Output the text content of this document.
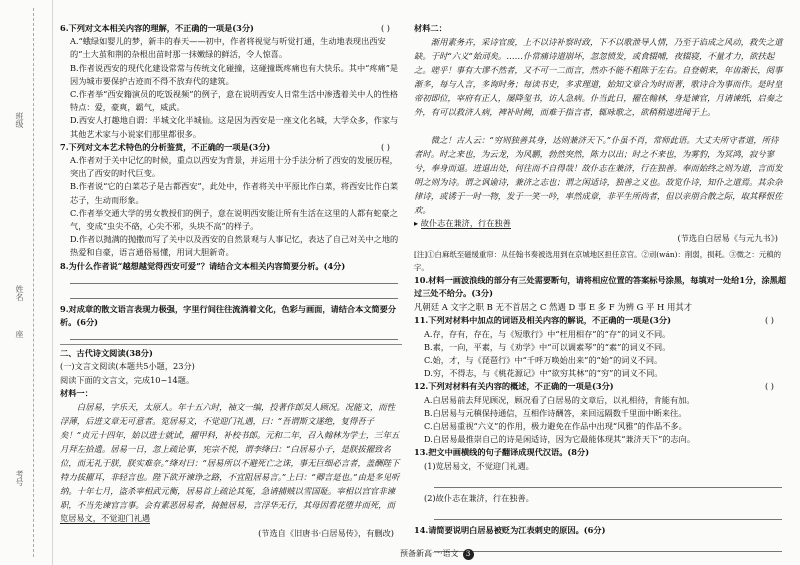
班级
姓名
座
考号

( )
6.下列对文本相关内容的理解，不正确的一项是(3分)

A.“蛾绿如婴儿的梦，新丰的春天——初中，作者将视觉与听觉打通，生动地表现出西安的“土大茧和荆的杂根出苗时那一抹嫩绿的鲜活，令人惊喜。

B.作者说西安的现代化建设常常与传统文化碰撞，这碰撞既疼痛也有大快乐。其中“疼痛”是因为城市要保护古迹而不得不放弃代的建筑。

C.作者举“西安籍演员的吃饭视频”的例子，意在说明西安人日常生活中渗透着关中人的性格特点：爱，豪爽，霸气，威武。

D.西安人打趣地自谓：半城文化半城仙。这是因为西安是一座文化名城，大学众多，作家与其他艺术家与小说家们那里都很多。

( )
7.下列对文本艺术特色的分析鉴赏，不正确的一项是(3分)

A.作者对于关中记忆的时候，重点以西安为背景，并运用十分手法分析了西安的发展历程，突出了西安的时代巨变。

B.作者说“它的白菜芯子是古都西安”，此处中，作者将关中平原比作白菜，将西安比作白菜芯子，生动而形象。

C.作者举交通大学的男女教授们的例子，意在说明西安能让所有生活在这里的人都有蛇豪之气，变成“虫尖不硌，心尖不邪，头块不高”的样子。

D.作者以抛满的抛撒而写了关中以及西安的自然景观与人事记忆，表达了自己对关中之地的热爱和自豪，语言通俗易懂，用词大胆新奇。

8.为什么作者说“越想越觉得西安可爱”？请结合文本相关内容简要分析。(4分)

9.对成章的散文语言表现力极强，字里行间往往流淌着文化，色彩与画面，请结合本文简要分析。(6分)

二、古代诗文阅读(38分)

(一)文言文阅读(本题共5小题，23分)

阅读下面的文言文，完成10~14题。

材料一：

白居易，字乐天，太原人。年十五六时，袖文一编，投著作郎吴人顾况。况能文，而性浮薄，后进文章无可意者。览居易文，不觉迎门礼遇，曰：“吾谓斯文遂绝，复得吾子矣！”贞元十四年，始以进士就试，擢甲科，补校书郎。元和二年，召入翰林为学士，三年五月拜左拾遗。居易一日，忽上疏论事，宪宗不悦，谓李绛曰：“白居易小子，是朕拔擢致名位，而无礼于朕，朕实难奈。”绛对曰：“居易所以不避死亡之诛，事无巨细必言者，盖酬陛下特力拔擢耳，非轻言也。陛下欲开谏诤之路，不宜阻居易言。”上曰：“卿言是也。”由是多见听纳。十年七月，盗杀宰相武元衡，居易首上疏论其冤，急请捕贼以雪国耻。宰相以宫官非谏职，不当先谏官言事。会有素恶居易者，掎摭居易，言浮华无行，其母因看花堕井而死，而

览居易文，不觉迎门礼遇

(节选自《旧唐书·白居易传》，有删改)

材料二：

渐用素务卉，采诗官废，上不以诗补察时政，下不以歌泄导人情，乃至于谄成之风动，救失之道缺。于时“六义”始刓矣。……仆常痛诗道崩坏，忽忽愤发，或食辍哺，夜辍寝，不量才力，欲扶起之。嗟乎！事有大谬不然者，又不可一二而言，然亦不能不粗陈于左右。自登朝来，年齿渐长，阅事渐多，每与人言，多询时务；每读书史，多求理道，始知文章合为时而著，歌诗合为事而作。是时皇帝初即位，宰府有正人，屡降玺书，访人急病。仆当此日，擢在翰林，身是谏官，月请谏纸，启奏之外，有可以救济人病，裨补时阙，而难于指言者，辄咏歌之，欲稍稍递进闻于上。

微之！古人云：“穷则独善其身，达则兼济天下。”仆虽不肖，常师此语。大丈夫所守者道，所待者时。时之来也，为云龙，为风鹏，勃然突然，陈力以出；时之不来也，为雾豹，为冥鸿，寂兮寥兮，奉身而退。进退出处，何往而不自得哉！故仆志在兼济，行在独善。奉而始终之则为道，言而发明之则为诗。谓之讽谕诗，兼济之志也；谓之闲适诗，独善之义也。故览仆诗，知仆之道焉。其余杂律诗，或诱于一时一物，发于一笑一吟，率然成章，非平生所尚者，但以亲朋合散之际，取其释恨佐欢。

▸ 故仆志在兼济，行在独善

(节选自白居易《与元九书》)

[注]①白麻纸至磁缓重帘：从任翰书奏被选用到在京城地区担任京官。②刓(wán)：削弱，损耗。③微之：元稹的字。

10.材料一画波浪线的部分有三处需要断句，请将相应位置的答案标号涂黑，每填对一处给1分，涂黑超过三处不给分。(3分)

凡朝廷 A 文字之职 B 无不首居之 C 然遇 D 事 E 多 F 为辨 G 平 H 用其才

( )
11.下列对材料中加点的词语及相关内容的解说，不正确的一项是(3分)

A.存，存有，存在，与《短歌行》中“枉用相存”的“存”的词义不同。

B.素，一向，平素，与《劝学》中“可以调素琴”的“素”的词义不同。

C.始，才，与《琵琶行》中“千呼万唤始出来”的“始”的词义不同。

D.穷，不得志，与《桃花源记》中“欲穷其林”的“穷”的词义不同。

( )
12.下列对材料有关内容的概述，不正确的一项是(3分)

A.白居易前去拜见顾况，顾况看了白居易的文章后，以礼相待，肯能有加。

B.白居易与元稹保持通信，互相作诗酬答，来回远隔数千里面中断来往。

C.白居易重视“六义”的作用，极力避免在作品中出现“风雅”的作品不多。

D.白居易最推崇自己的诗是闲适诗，因为它最能体现其“兼济天下”的志向。

13.把文中画横线的句子翻译成现代汉语。(8分)

(1)览居易文，不觉迎门礼遇。

(2)故仆志在兼济，行在独善。

14.请简要说明白居易被贬为江表刺史的原因。(6分)

预备新高一·语文 3
